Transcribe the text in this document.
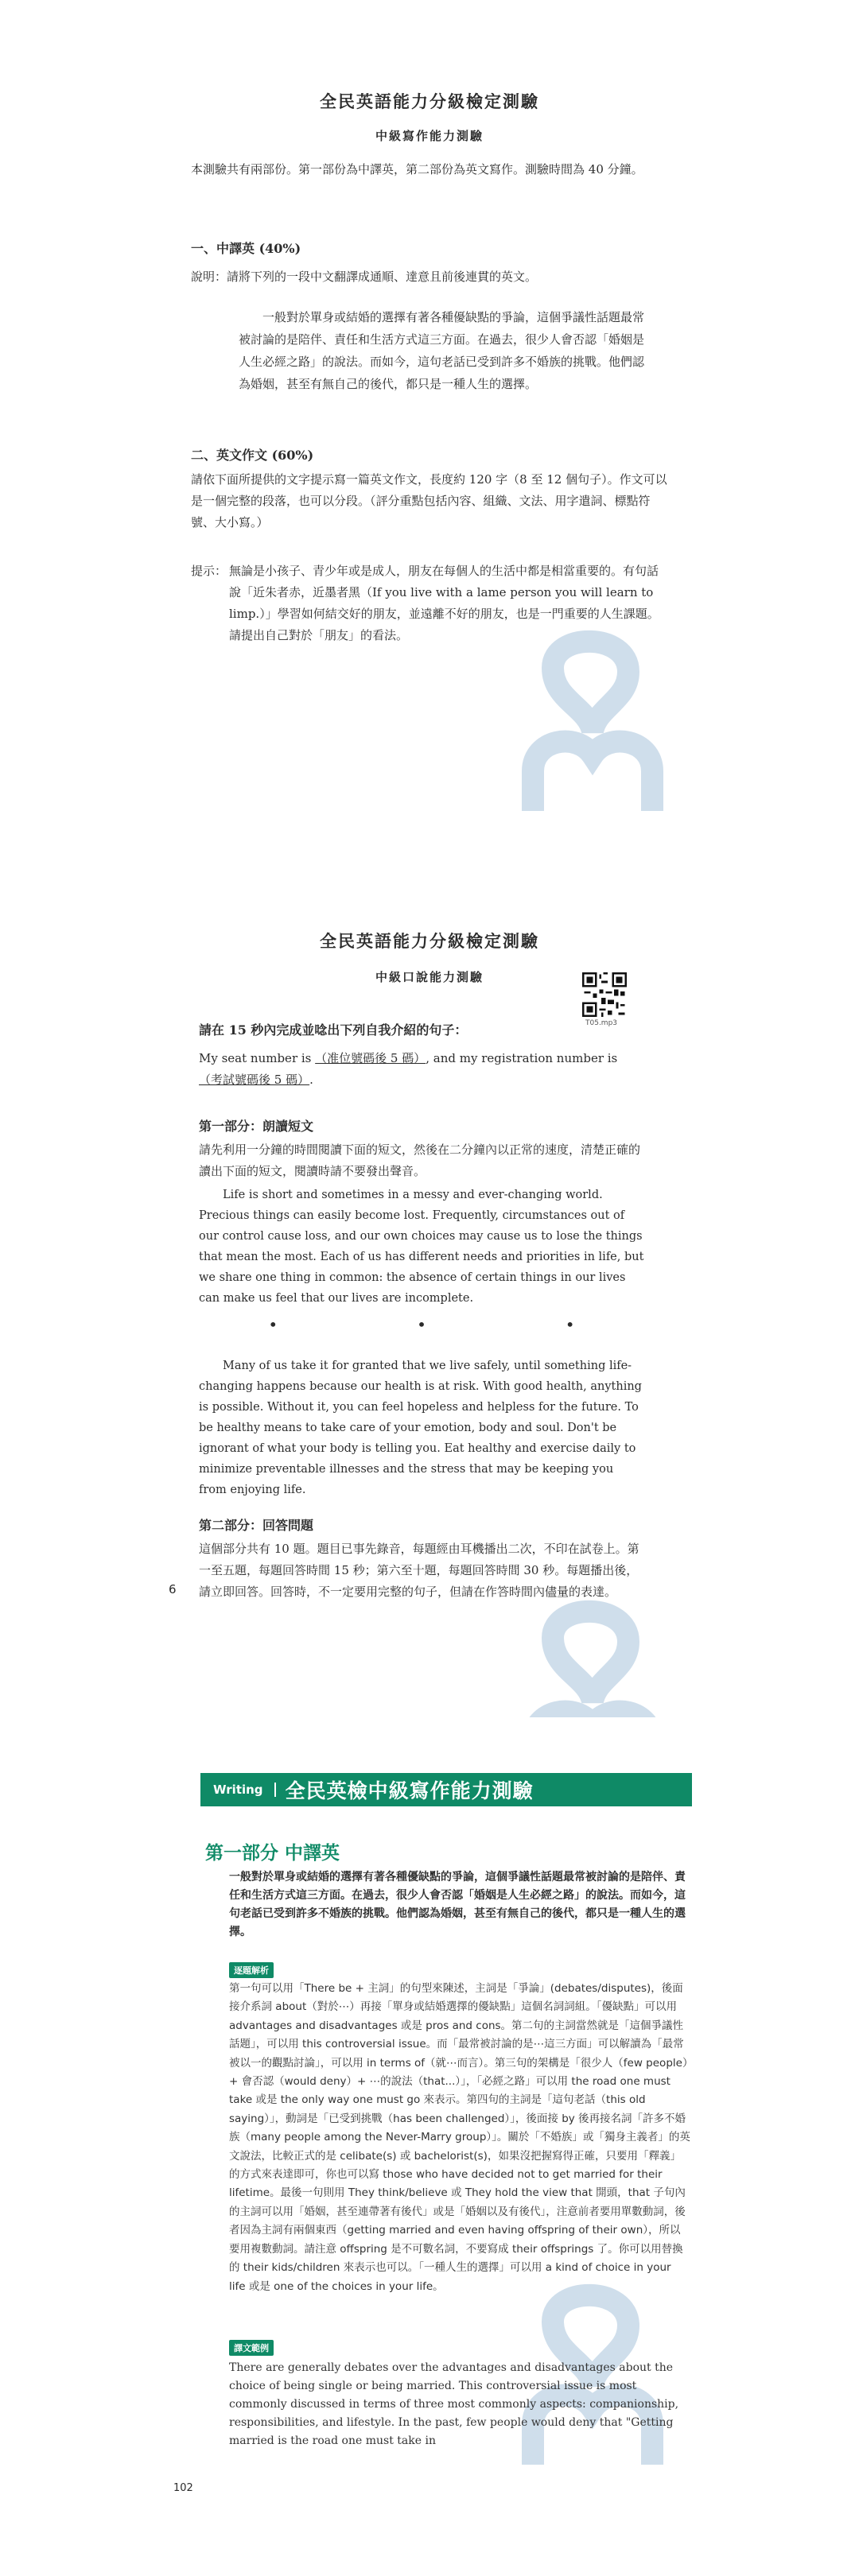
全民英語能力分級檢定測驗
中級寫作能力測驗
本測驗共有兩部份。第一部份為中譯英，第二部份為英文寫作。測驗時間為 40 分鐘。
一、中譯英 (40%)
說明：請將下列的一段中文翻譯成通順、達意且前後連貫的英文。
一般對於單身或結婚的選擇有著各種優缺點的爭論，這個爭議性話題最常被討論的是陪伴、責任和生活方式這三方面。在過去，很少人會否認「婚姻是人生必經之路」的說法。而如今，這句老話已受到許多不婚族的挑戰。他們認為婚姻，甚至有無自己的後代，都只是一種人生的選擇。
二、英文作文 (60%)
請依下面所提供的文字提示寫一篇英文作文，長度約 120 字（8 至 12 個句子）。作文可以是一個完整的段落，也可以分段。（評分重點包括內容、組織、文法、用字遣詞、標點符號、大小寫。）
提示： 無論是小孩子、青少年或是成人，朋友在每個人的生活中都是相當重要的。有句話說「近朱者赤，近墨者黑（If you live with a lame person you will learn to limp.）」學習如何結交好的朋友，並遠離不好的朋友，也是一門重要的人生課題。請提出自己對於「朋友」的看法。
全民英語能力分級檢定測驗
中級口說能力測驗
T05.mp3
請在 15 秒內完成並唸出下列自我介紹的句子：
My seat number is （准位號碼後 5 碼）, and my registration number is （考試號碼後 5 碼）.
第一部分：朗讀短文
請先利用一分鐘的時間閱讀下面的短文，然後在二分鐘內以正常的速度，清楚正確的讀出下面的短文，閱讀時請不要發出聲音。
Life is short and sometimes in a messy and ever-changing world. Precious things can easily become lost. Frequently, circumstances out of our control cause loss, and our own choices may cause us to lose the things that mean the most. Each of us has different needs and priorities in life, but we share one thing in common: the absence of certain things in our lives can make us feel that our lives are incomplete.
•	•	•
Many of us take it for granted that we live safely, until something life-changing happens because our health is at risk. With good health, anything is possible. Without it, you can feel hopeless and helpless for the future. To be healthy means to take care of your emotion, body and soul. Don't be ignorant of what your body is telling you. Eat healthy and exercise daily to minimize preventable illnesses and the stress that may be keeping you from enjoying life.
第二部分：回答問題
這個部分共有 10 題。題目已事先錄音，每題經由耳機播出二次，不印在試卷上。第一至五題，每題回答時間 15 秒；第六至十題，每題回答時間 30 秒。每題播出後，請立即回答。回答時，不一定要用完整的句子，但請在作答時間內儘量的表達。
6
Writing	全民英檢中級寫作能力測驗
第一部分 中譯英
一般對於單身或結婚的選擇有著各種優缺點的爭論，這個爭議性話題最常被討論的是陪伴、責任和生活方式這三方面。在過去，很少人會否認「婚姻是人生必經之路」的說法。而如今，這句老話已受到許多不婚族的挑戰。他們認為婚姻，甚至有無自己的後代，都只是一種人生的選擇。
逐題解析
第一句可以用「There be + 主詞」的句型來陳述，主詞是「爭論」(debates/disputes)，後面接介系詞 about（對於⋯）再接「單身或結婚選擇的優缺點」這個名詞詞組。「優缺點」可以用 advantages and disadvantages 或是 pros and cons。第二句的主詞當然就是「這個爭議性話題」，可以用 this controversial issue。而「最常被討論的是⋯這三方面」可以解讀為「最常被以一的觀點討論」，可以用 in terms of（就⋯而言）。第三句的架構是「很少人（few people）+ 會否認（would deny）+ ⋯的說法（that...）」，「必經之路」可以用 the road one must take 或是 the only way one must go 來表示。第四句的主詞是「這句老話（this old saying）」，動詞是「已受到挑戰（has been challenged）」，後面接 by 後再接名詞「許多不婚族（many people among the Never-Marry group）」。關於「不婚族」或「獨身主義者」的英文說法，比較正式的是 celibate(s) 或 bachelorist(s)，如果沒把握寫得正確，只要用「釋義」的方式來表達即可，你也可以寫 those who have decided not to get married for their lifetime。最後一句則用 They think/believe 或 They hold the view that 開頭，that 子句內的主詞可以用「婚姻，甚至連帶著有後代」或是「婚姻以及有後代」，注意前者要用單數動詞，後者因為主詞有兩個東西（getting married and even having offspring of their own），所以要用複數動詞。請注意 offspring 是不可數名詞，不要寫成 their offsprings 了。你可以用替換的 their kids/children 來表示也可以。「一種人生的選擇」可以用 a kind of choice in your life 或是 one of the choices in your life。
譯文範例
There are generally debates over the advantages and disadvantages about the choice of being single or being married. This controversial issue is most commonly discussed in terms of three most commonly aspects: companionship, responsibilities, and lifestyle. In the past, few people would deny that "Getting married is the road one must take in
102
